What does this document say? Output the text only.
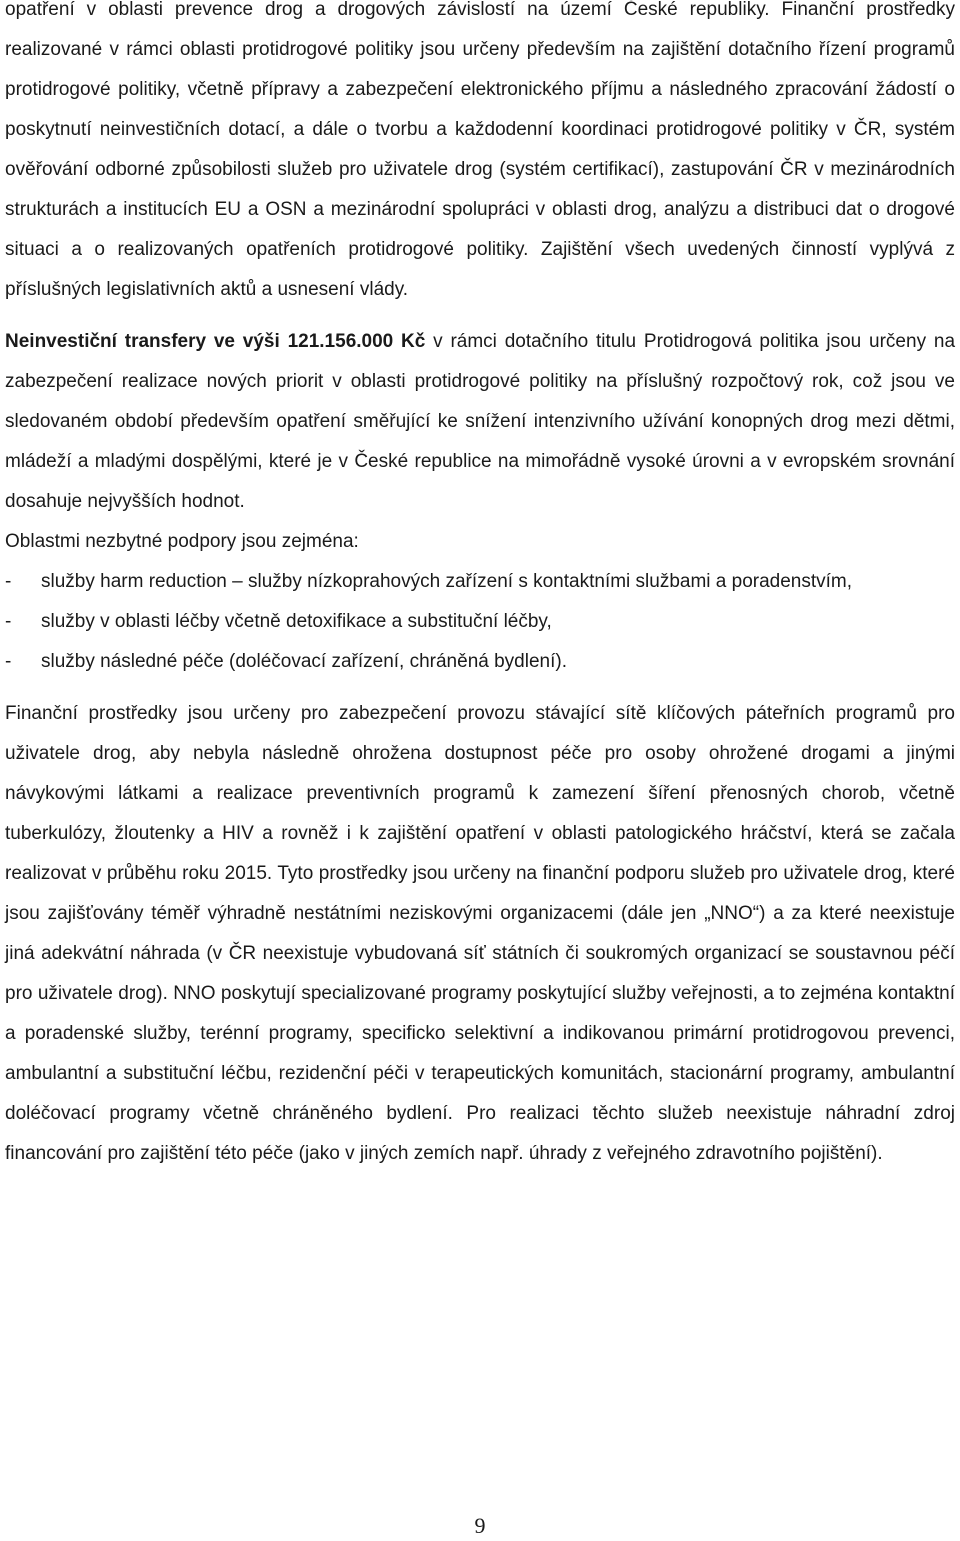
opatření v oblasti prevence drog a drogových závislostí na území České republiky. Finanční prostředky realizované v rámci oblasti protidrogové politiky jsou určeny především na zajištění dotačního řízení programů protidrogové politiky, včetně přípravy a zabezpečení elektronického příjmu a následného zpracování žádostí o poskytnutí neinvestičních dotací, a dále o tvorbu a každodenní koordinaci protidrogové politiky v ČR, systém ověřování odborné způsobilosti služeb pro uživatele drog (systém certifikací), zastupování ČR v mezinárodních strukturách a institucích EU a OSN a mezinárodní spolupráci v oblasti drog, analýzu a distribuci dat o drogové situaci a o realizovaných opatřeních protidrogové politiky. Zajištění všech uvedených činností vyplývá z příslušných legislativních aktů a usnesení vlády.

Neinvestiční transfery ve výši 121.156.000 Kč v rámci dotačního titulu Protidrogová politika jsou určeny na zabezpečení realizace nových priorit v oblasti protidrogové politiky na příslušný rozpočtový rok, což jsou ve sledovaném období především opatření směřující ke snížení intenzivního užívání konopných drog mezi dětmi, mládeží a mladými dospělými, které je v České republice na mimořádně vysoké úrovni a v evropském srovnání dosahuje nejvyšších hodnot.

Oblastmi nezbytné podpory jsou zejména:

- služby harm reduction – služby nízkoprahových zařízení s kontaktními službami a poradenstvím,
- služby v oblasti léčby včetně detoxifikace a substituční léčby,
- služby následné péče (doléčovací zařízení, chráněná bydlení).

Finanční prostředky jsou určeny pro zabezpečení provozu stávající sítě klíčových páteřních programů pro uživatele drog, aby nebyla následně ohrožena dostupnost péče pro osoby ohrožené drogami a jinými návykovými látkami a realizace preventivních programů k zamezení šíření přenosných chorob, včetně tuberkulózy, žloutenky a HIV a rovněž i k zajištění opatření v oblasti patologického hráčství, která se začala realizovat v průběhu roku 2015. Tyto prostředky jsou určeny na finanční podporu služeb pro uživatele drog, které jsou zajišťovány téměř výhradně nestátními neziskovými organizacemi (dále jen „NNO“) a za které neexistuje jiná adekvátní náhrada (v ČR neexistuje vybudovaná síť státních či soukromých organizací se soustavnou péčí pro uživatele drog). NNO poskytují specializované programy poskytující služby veřejnosti, a to zejména kontaktní a poradenské služby, terénní programy, specificko selektivní a indikovanou primární protidrogovou prevenci, ambulantní a substituční léčbu, rezidenční péči v terapeutických komunitách, stacionární programy, ambulantní doléčovací programy včetně chráněného bydlení. Pro realizaci těchto služeb neexistuje náhradní zdroj financování pro zajištění této péče (jako v jiných zemích např. úhrady z veřejného zdravotního pojištění).

9
